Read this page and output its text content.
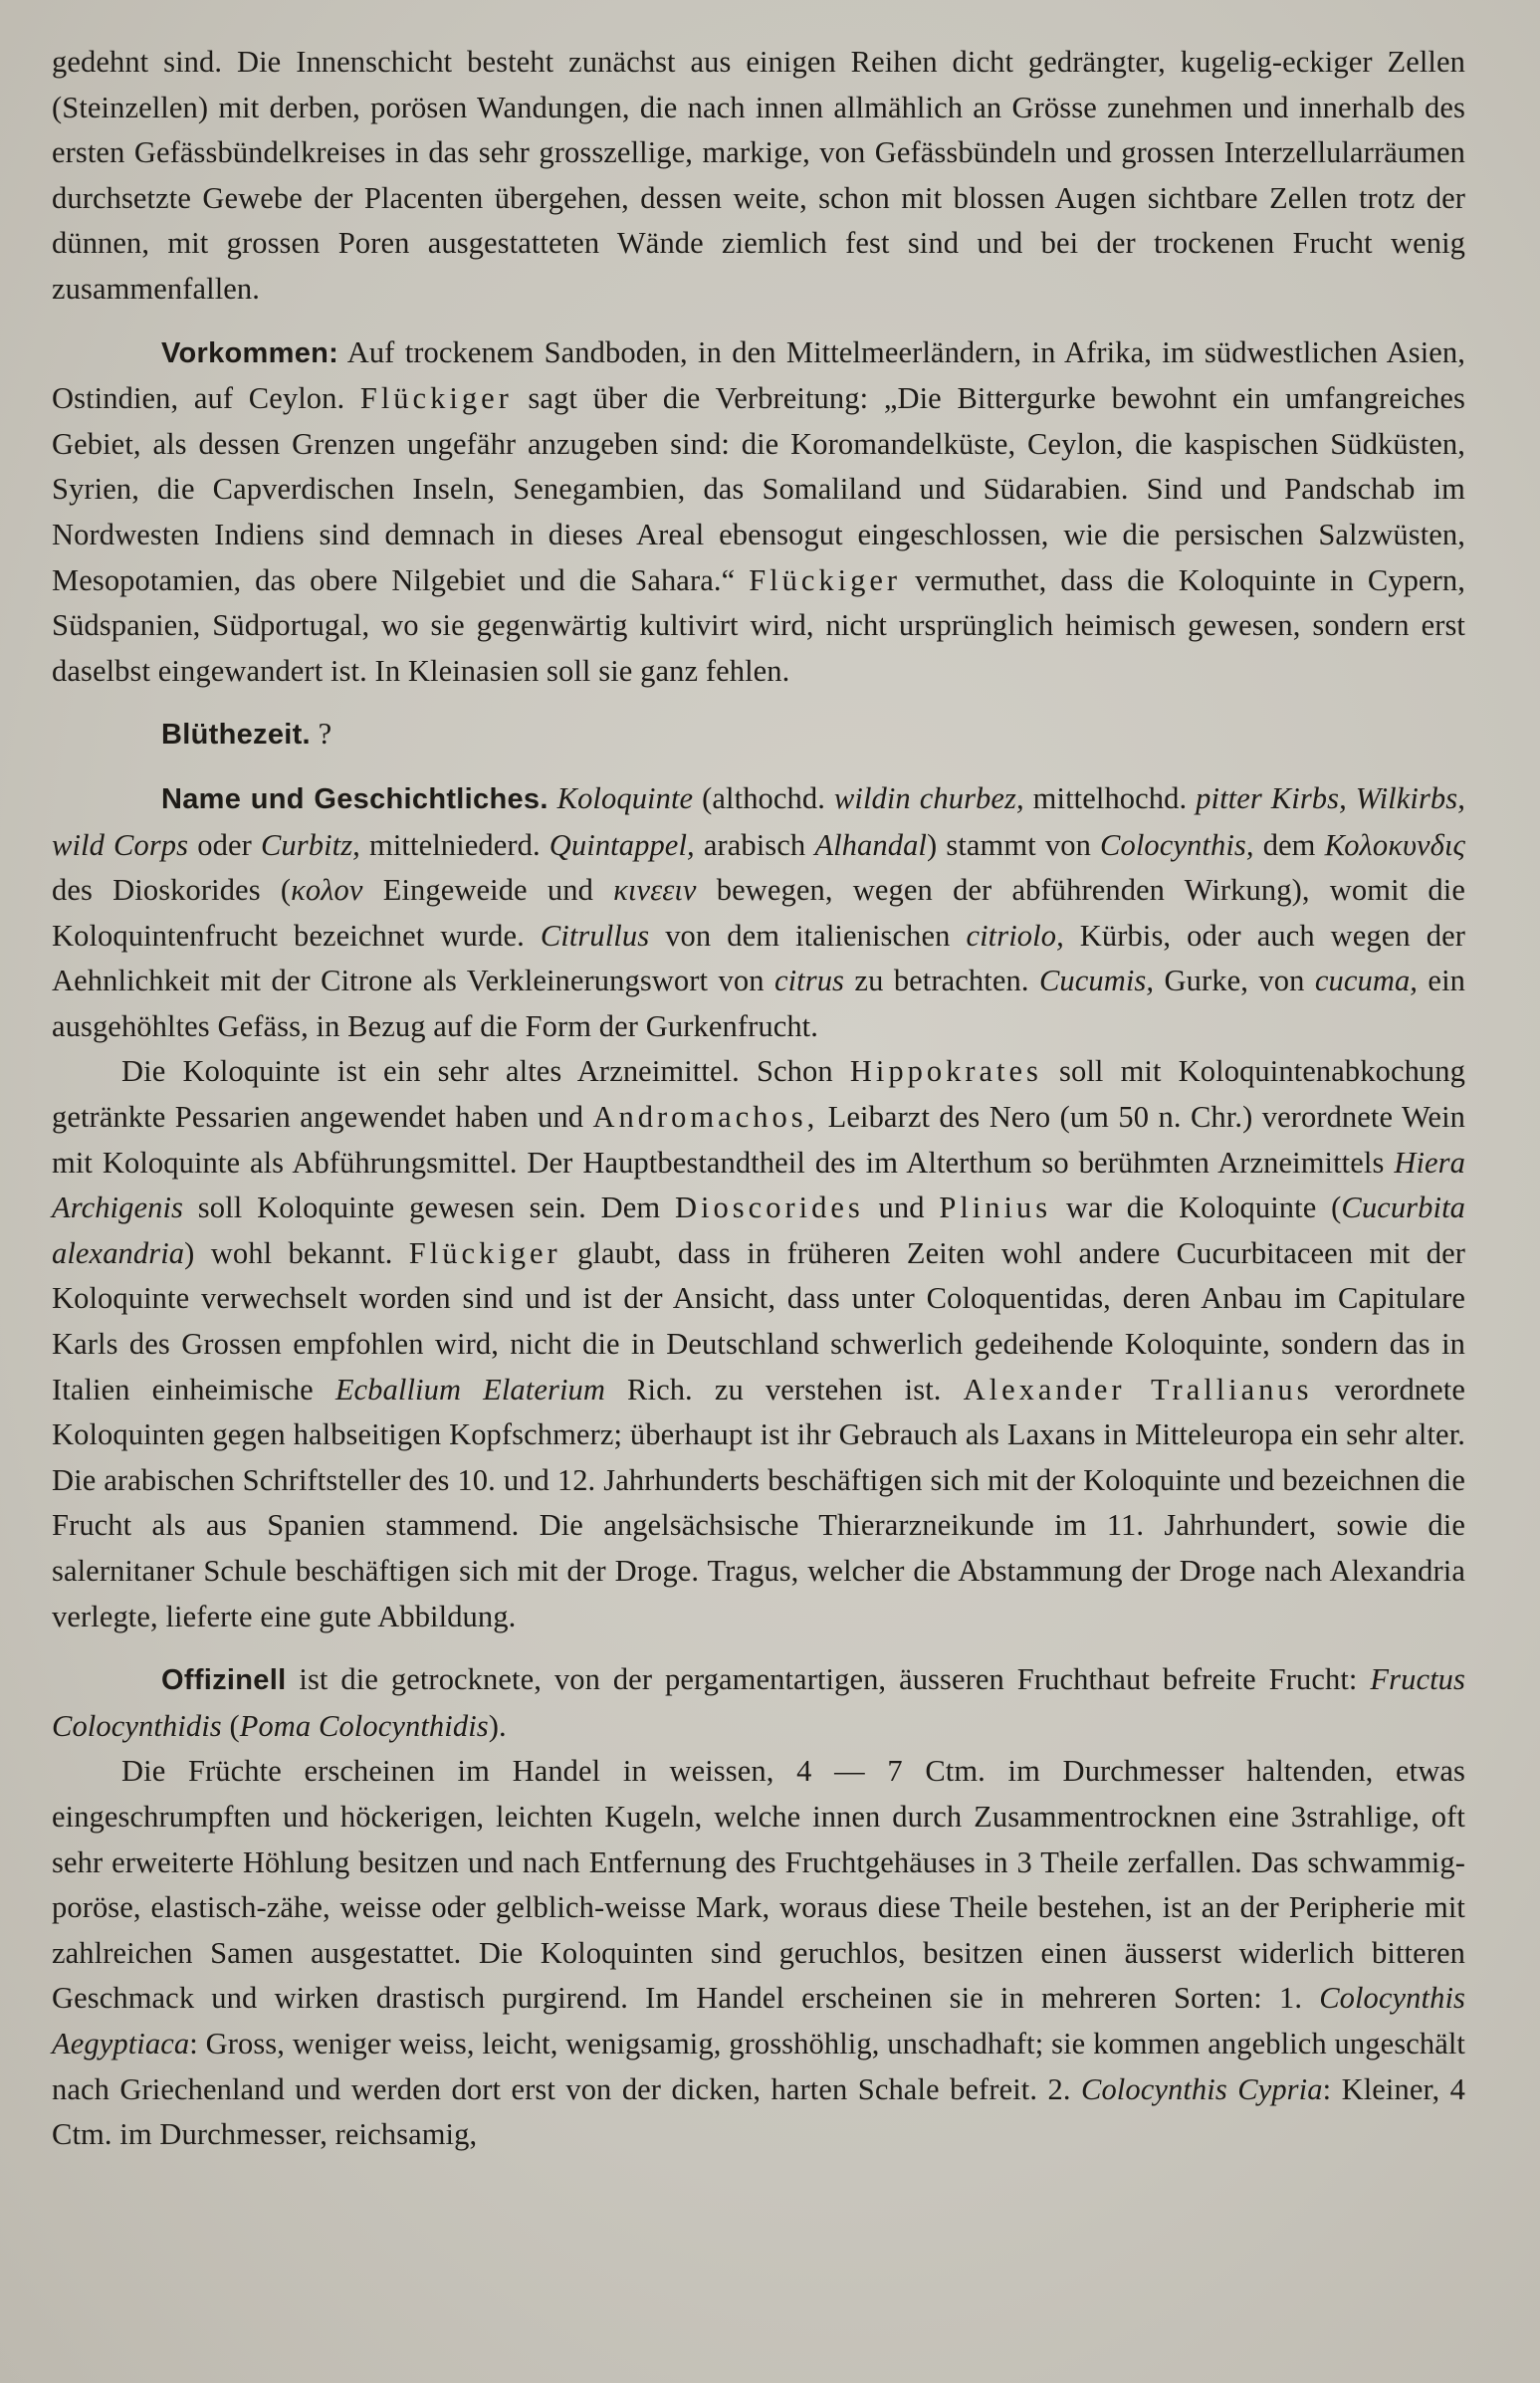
gedehnt sind. Die Innenschicht besteht zunächst aus einigen Reihen dicht gedrängter, kugelig-eckiger Zellen (Steinzellen) mit derben, porösen Wandungen, die nach innen allmählich an Grösse zunehmen und innerhalb des ersten Gefässbündelkreises in das sehr grosszellige, markige, von Gefässbündeln und grossen Interzellularräumen durchsetzte Gewebe der Placenten übergehen, dessen weite, schon mit blossen Augen sichtbare Zellen trotz der dünnen, mit grossen Poren ausgestatteten Wände ziemlich fest sind und bei der trockenen Frucht wenig zusammenfallen.

Vorkommen: Auf trockenem Sandboden, in den Mittelmeerländern, in Afrika, im südwestlichen Asien, Ostindien, auf Ceylon. Flückiger sagt über die Verbreitung: „Die Bittergurke bewohnt ein umfangreiches Gebiet, als dessen Grenzen ungefähr anzugeben sind: die Koromandelküste, Ceylon, die kaspischen Südküsten, Syrien, die Capverdischen Inseln, Senegambien, das Somaliland und Südarabien. Sind und Pandschab im Nordwesten Indiens sind demnach in dieses Areal ebensogut eingeschlossen, wie die persischen Salzwüsten, Mesopotamien, das obere Nilgebiet und die Sahara.“ Flückiger vermuthet, dass die Koloquinte in Cypern, Südspanien, Südportugal, wo sie gegenwärtig kultivirt wird, nicht ursprünglich heimisch gewesen, sondern erst daselbst eingewandert ist. In Kleinasien soll sie ganz fehlen.

Blüthezeit. ?

Name und Geschichtliches. Koloquinte (althochd. wildin churbez, mittelhochd. pitter Kirbs, Wilkirbs, wild Corps oder Curbitz, mittelniederd. Quintappel, arabisch Alhandal) stammt von Colocynthis, dem Κολοκυνδις des Dioskorides (κολον Eingeweide und κινεειν bewegen, wegen der abführenden Wirkung), womit die Koloquintenfrucht bezeichnet wurde. Citrullus von dem italienischen citriolo, Kürbis, oder auch wegen der Aehnlichkeit mit der Citrone als Verkleinerungswort von citrus zu betrachten. Cucumis, Gurke, von cucuma, ein ausgehöhltes Gefäss, in Bezug auf die Form der Gurkenfrucht.

Die Koloquinte ist ein sehr altes Arzneimittel. Schon Hippokrates soll mit Koloquintenabkochung getränkte Pessarien angewendet haben und Andromachos, Leibarzt des Nero (um 50 n. Chr.) verordnete Wein mit Koloquinte als Abführungsmittel. Der Hauptbestandtheil des im Alterthum so berühmten Arzneimittels Hiera Archigenis soll Koloquinte gewesen sein. Dem Dioscorides und Plinius war die Koloquinte (Cucurbita alexandria) wohl bekannt. Flückiger glaubt, dass in früheren Zeiten wohl andere Cucurbitaceen mit der Koloquinte verwechselt worden sind und ist der Ansicht, dass unter Coloquentidas, deren Anbau im Capitulare Karls des Grossen empfohlen wird, nicht die in Deutschland schwerlich gedeihende Koloquinte, sondern das in Italien einheimische Ecballium Elaterium Rich. zu verstehen ist. Alexander Trallianus verordnete Koloquinten gegen halbseitigen Kopfschmerz; überhaupt ist ihr Gebrauch als Laxans in Mitteleuropa ein sehr alter. Die arabischen Schriftsteller des 10. und 12. Jahrhunderts beschäftigen sich mit der Koloquinte und bezeichnen die Frucht als aus Spanien stammend. Die angelsächsische Thierarzneikunde im 11. Jahrhundert, sowie die salernitaner Schule beschäftigen sich mit der Droge. Tragus, welcher die Abstammung der Droge nach Alexandria verlegte, lieferte eine gute Abbildung.

Offizinell ist die getrocknete, von der pergamentartigen, äusseren Fruchthaut befreite Frucht: Fructus Colocynthidis (Poma Colocynthidis).

Die Früchte erscheinen im Handel in weissen, 4 — 7 Ctm. im Durchmesser haltenden, etwas eingeschrumpften und höckerigen, leichten Kugeln, welche innen durch Zusammentrocknen eine 3strahlige, oft sehr erweiterte Höhlung besitzen und nach Entfernung des Fruchtgehäuses in 3 Theile zerfallen. Das schwammig-poröse, elastisch-zähe, weisse oder gelblich-weisse Mark, woraus diese Theile bestehen, ist an der Peripherie mit zahlreichen Samen ausgestattet. Die Koloquinten sind geruchlos, besitzen einen äusserst widerlich bitteren Geschmack und wirken drastisch purgirend. Im Handel erscheinen sie in mehreren Sorten: 1. Colocynthis Aegyptiaca: Gross, weniger weiss, leicht, wenigsamig, grosshöhlig, unschadhaft; sie kommen angeblich ungeschält nach Griechenland und werden dort erst von der dicken, harten Schale befreit. 2. Colocynthis Cypria: Kleiner, 4 Ctm. im Durchmesser, reichsamig,
